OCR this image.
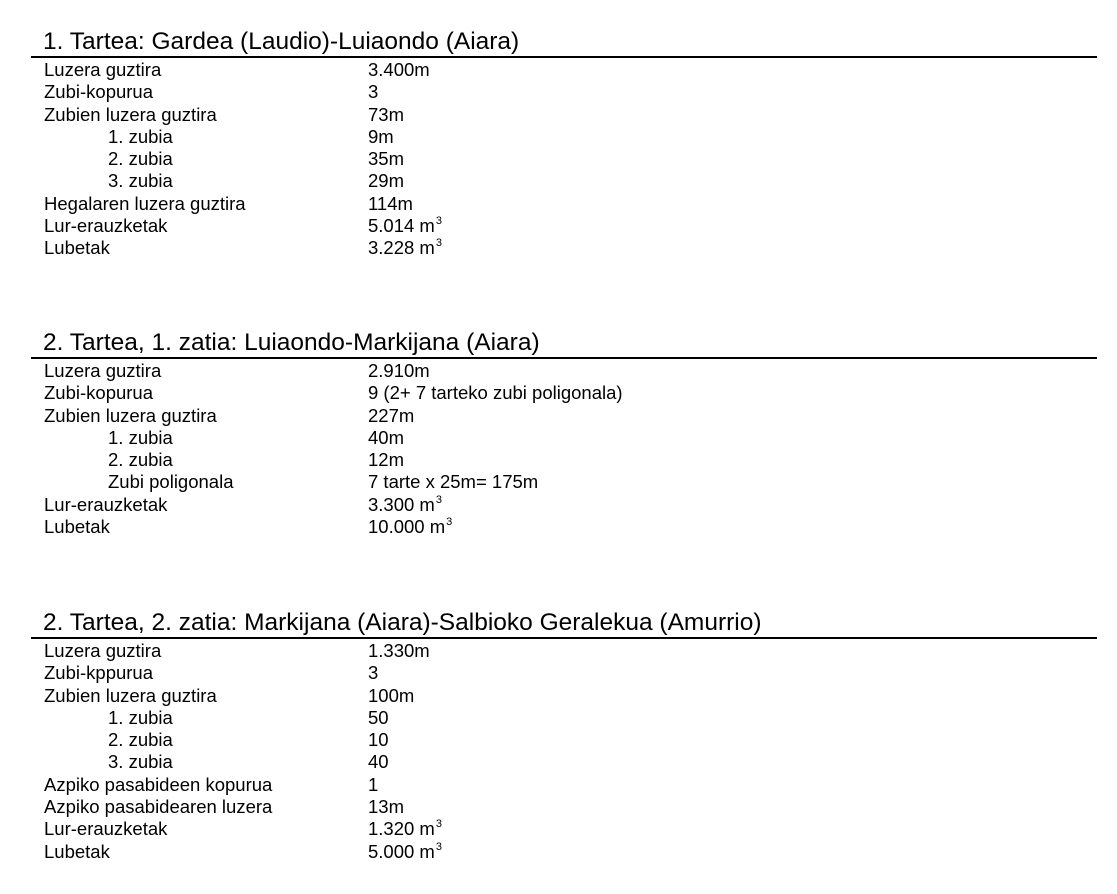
1. Tartea: Gardea (Laudio)-Luiaondo (Aiara)
Luzera guztira	3.400m
Zubi-kopurua	3
Zubien luzera guztira	73m
1. zubia	9m
2. zubia	35m
3. zubia	29m
Hegalaren luzera guztira	114m
Lur-erauzketak	5.014 $m^3$
Lubetak	3.228 $m^3$
2. Tartea, 1. zatia: Luiaondo-Markijana (Aiara)
Luzera guztira	2.910m
Zubi-kopurua	9 (2+ 7 tarteko zubi poligonala)
Zubien luzera guztira	227m
1. zubia	40m
2. zubia	12m
Zubi poligonala	7 tarte x 25m= 175m
Lur-erauzketak	3.300 $m^3$
Lubetak	10.000 $m^3$
2. Tartea, 2. zatia: Markijana (Aiara)-Salbioko Geralekua (Amurrio)
Luzera guztira	1.330m
Zubi-kppurua	3
Zubien luzera guztira	100m
1. zubia	50
2. zubia	10
3. zubia	40
Azpiko pasabideen kopurua	1
Azpiko pasabidearen luzera	13m
Lur-erauzketak	1.320 $m^3$
Lubetak	5.000 $m^3$
